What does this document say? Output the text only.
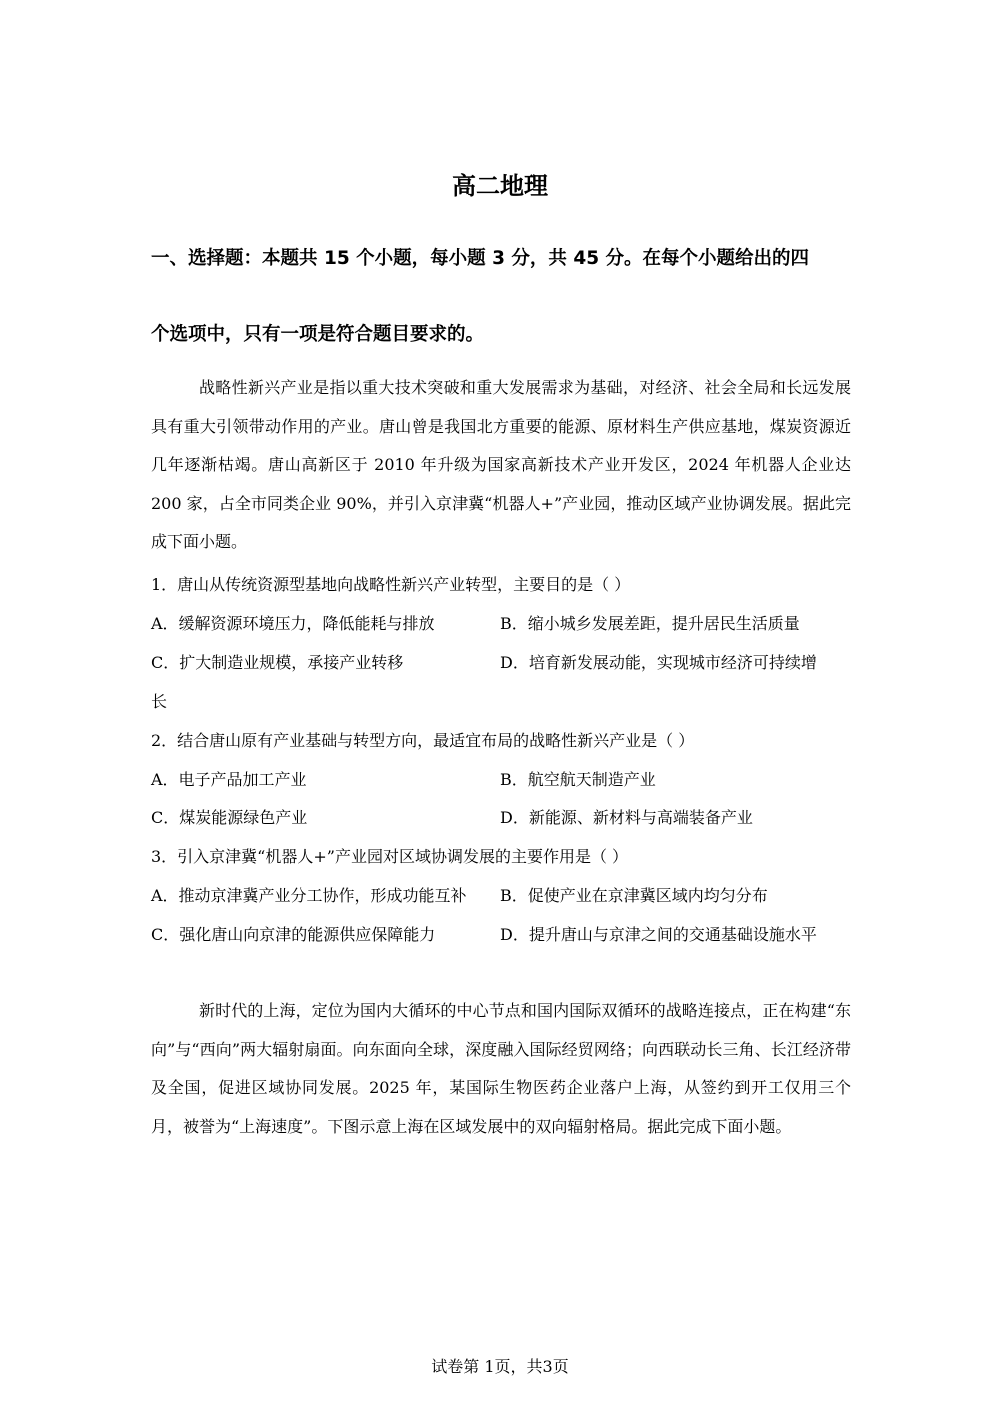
高二地理
一、选择题：本题共 15 个小题，每小题 3 分，共 45 分。在每个小题给出的四
个选项中，只有一项是符合题目要求的。
战略性新兴产业是指以重大技术突破和重大发展需求为基础，对经济、社会全局和长远发展具有重大引领带动作用的产业。唐山曾是我国北方重要的能源、原材料生产供应基地，煤炭资源近几年逐渐枯竭。唐山高新区于 2010 年升级为国家高新技术产业开发区，2024 年机器人企业达 200 家，占全市同类企业 90%，并引入京津冀“机器人+”产业园，推动区域产业协调发展。据此完成下面小题。
1．唐山从传统资源型基地向战略性新兴产业转型，主要目的是（ ）
A．缓解资源环境压力，降低能耗与排放	B．缩小城乡发展差距，提升居民生活质量
C．扩大制造业规模，承接产业转移	D．培育新发展动能，实现城市经济可持续增
长
2．结合唐山原有产业基础与转型方向，最适宜布局的战略性新兴产业是（ ）
A．电子产品加工产业	B．航空航天制造产业
C．煤炭能源绿色产业	D．新能源、新材料与高端装备产业
3．引入京津冀“机器人+”产业园对区域协调发展的主要作用是（ ）
A．推动京津冀产业分工协作，形成功能互补 B．促使产业在京津冀区域内均匀分布
C．强化唐山向京津的能源供应保障能力	D．提升唐山与京津之间的交通基础设施水平
新时代的上海，定位为国内大循环的中心节点和国内国际双循环的战略连接点，正在构建“东向”与“西向”两大辐射扇面。向东面向全球，深度融入国际经贸网络；向西联动长三角、长江经济带及全国，促进区域协同发展。2025 年，某国际生物医药企业落户上海，从签约到开工仅用三个月，被誉为“上海速度”。下图示意上海在区域发展中的双向辐射格局。据此完成下面小题。
试卷第 1页，共3页
